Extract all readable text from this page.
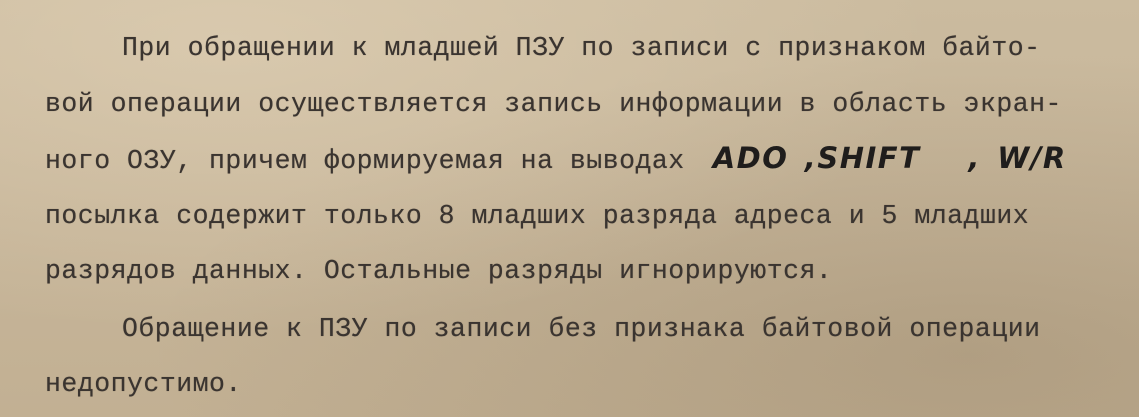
При обращении к младшей ПЗУ по записи с признаком байто-
вой операции осуществляется запись информации в область экран-
ного ОЗУ, причем формируемая на выводах ADO ,SHIFT , W/R
посылка содержит только 8 младших разряда адреса и 5 младших
разрядов данных. Остальные разряды игнорируются.
Обращение к ПЗУ по записи без признака байтовой операции
недопустимо.
